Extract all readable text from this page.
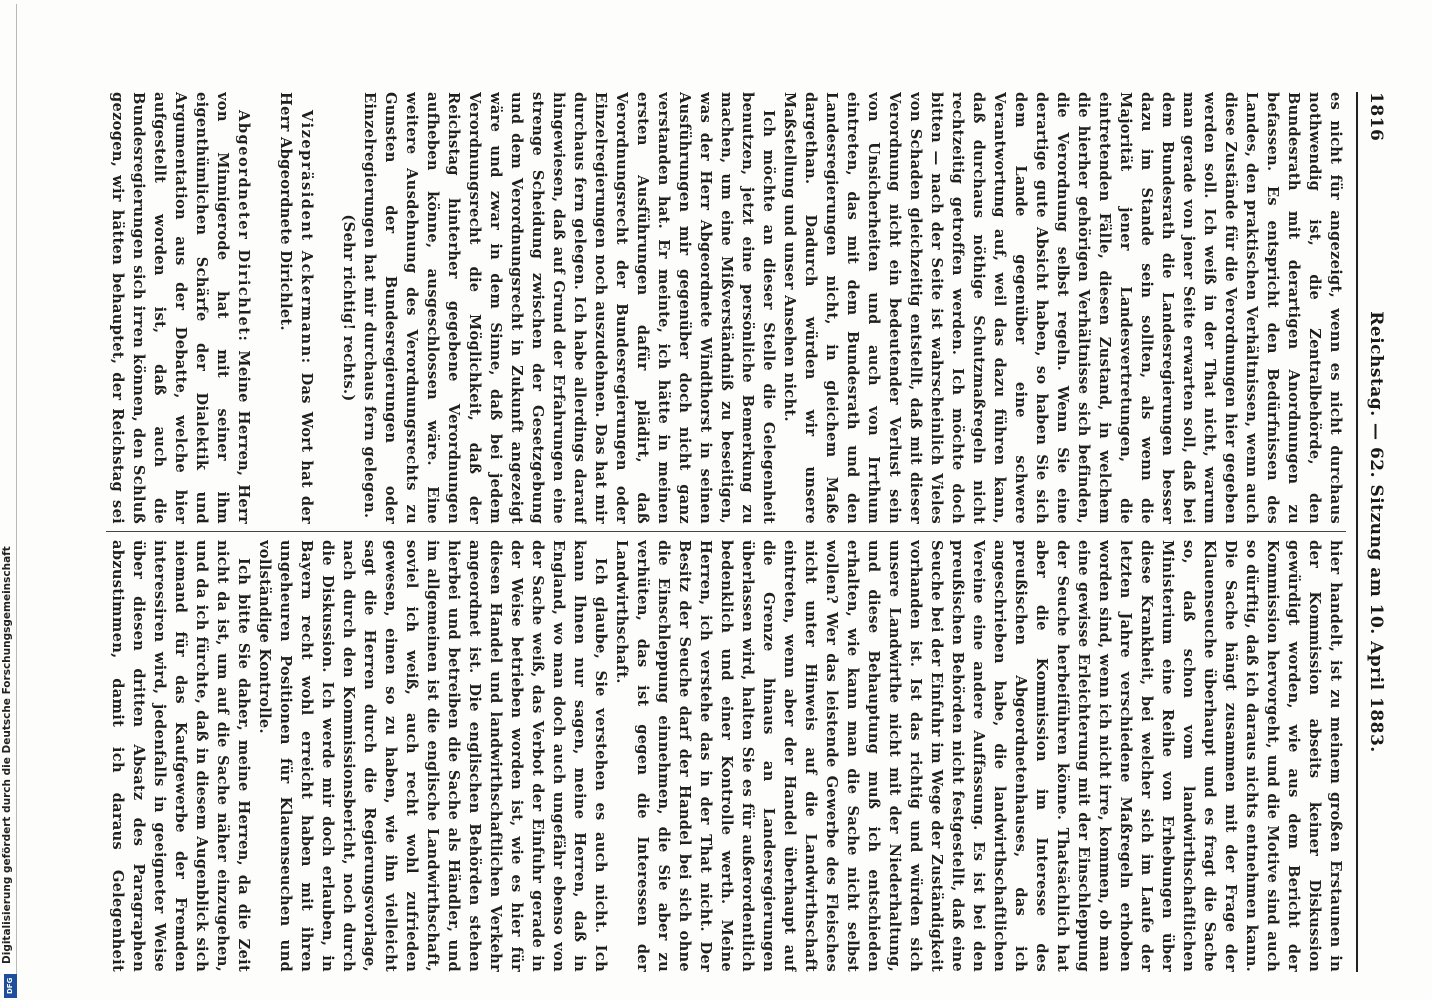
Digitalisierung gefördert durch die Deutsche Forschungsgemeinschaft
DFG
1816
Reichstag. — 62. Sitzung am 10. April 1883.

es nicht für angezeigt, wenn es nicht durchaus nothwendig ist, die Zentralbehörde, den Bundesrath mit derartigen Anordnungen zu befassen. Es entspricht den Bedürfnissen des Landes, den praktischen Verhältnissen, wenn auch diese Zustände für die Verordnungen hier gegeben werden soll. Ich weiß in der That nicht, warum man gerade von jener Seite erwarten soll, daß bei dem Bundesrath die Landesregierungen besser dazu im Stande sein sollten, als wenn die Majorität jener Landesvertretungen, die eintretenden Fälle, diesen Zustand, in welchem die hierher gehörigen Verhältnisse sich befinden, die Verordnung selbst regeln. Wenn Sie eine derartige gute Absicht haben, so haben Sie sich dem Lande gegenüber eine schwere Verantwortung auf, weil das dazu führen kann, daß durchaus nöthige Schutzmaßregeln nicht rechtzeitig getroffen werden. Ich möchte doch bitten — nach der Seite ist wahrscheinlich Vieles von Schaden gleichzeitig entstellt, daß mit dieser Verordnung nicht ein bedeutender Verlust sein von Unsicherheiten und auch von Irrthum eintreten, das mit dem Bundesrath und den Landesregierungen nicht, in gleichem Maße dargethan. Dadurch würden wir unsere Maßstellung und unser Ansehen nicht.

Ich möchte an dieser Stelle die Gelegenheit benutzen, jetzt eine persönliche Bemerkung zu machen, um eine Mißverständniß zu beseitigen, was der Herr Abgeordnete Windthorst in seinen Ausführungen mir gegenüber doch nicht ganz verstanden hat. Er meinte, ich hätte in meinen ersten Ausführungen dafür plädirt, daß Verordnungsrecht der Bundesregierungen oder Einzelregierungen noch auszudehnen. Das hat mir durchaus fern gelegen. Ich habe allerdings darauf hingewiesen, daß auf Grund der Erfahrungen eine strenge Scheidung zwischen der Gesetzgebung und dem Verordnungsrecht in Zukunft angezeigt wäre und zwar in dem Sinne, daß bei jedem Verordnungsrecht die Möglichkeit, daß der Reichstag hinterher gegebene Verordnungen aufheben könne, ausgeschlossen wäre. Eine weitere Ausdehnung des Verordnungsrechts zu Gunsten der Bundesregierungen oder Einzelregierungen hat mir durchaus fern gelegen.

(Sehr richtig! rechts.)

Vizepräsident Ackermann: Das Wort hat der Herr Abgeordnete Dirichlet.

Abgeordneter Dirichlet: Meine Herren, Herr von Minnigerode hat mit seiner ihm eigenthümlichen Schärfe der Dialektik und Argumentation aus der Debatte, welche hier aufgestellt worden ist, daß auch die Bundesregierungen sich irren können, den Schluß gezogen, wir hätten behauptet, der Reichstag sei

hier handelt, ist zu meinem großen Erstaunen in der Kommission abseits keiner Diskussion gewürdigt worden, wie aus dem Bericht der Kommission hervorgeht, und die Motive sind auch so dürftig, daß ich daraus nichts entnehmen kann. Die Sache hängt zusammen mit der Frage der Klauenseuche überhaupt und es fragt die Sache so, daß schon vom landwirthschaftlichen Ministerium eine Reihe von Erhebungen über diese Krankheit, bei welcher sich im Laufe der letzten Jahre verschiedene Maßregeln erhoben worden sind, wenn ich nicht irre, kommen, ob man eine gewisse Erleichterung mit der Einschleppung der Seuche herbeiführen könne. Thatsächlich hat aber die Kommission im Interesse des preußischen Abgeordnetenhauses, das ich angeschrieben habe, die landwirthschaftlichen Vereine eine andere Auffassung. Es ist bei den preußischen Behörden nicht festgestellt, daß eine Seuche bei der Einfuhr im Wege der Zuständigkeit vorhanden ist. Ist das richtig und würden sich unsere Landwirthe nicht mit der Niederhaltung, und diese Behauptung muß ich entschieden erhalten, wie kann man die Sache nicht selbst wollen? Wer das leistende Gewerbe des Fleisches nicht unter Hinweis auf die Landwirthschaft eintreten, wenn aber der Handel überhaupt auf die Grenze hinaus an Landesregierungen überlassen wird, halten Sie es für außerordentlich bedenklich und einer Kontrolle werth. Meine Herren, ich verstehe das in der That nicht. Der Besitz der Seuche darf der Handel bei sich ohne die Einschleppung einnehmen, die Sie aber zu verhüten, das ist gegen die Interessen der Landwirthschaft.

Ich glaube, Sie verstehen es auch nicht. Ich kann Ihnen nur sagen, meine Herren, daß in England, wo man doch auch ungefähr ebenso von der Sache weiß, das Verbot der Einfuhr gerade in der Weise betrieben worden ist, wie es hier für diesen Handel und landwirthschaftlichen Verkehr angeordnet ist. Die englischen Behörden stehen hierbei und betreiben die Sache als Händler, und im allgemeinen ist die englische Landwirthschaft, soviel ich weiß, auch recht wohl zufrieden gewesen, einen so zu haben, wie ihn vielleicht sagt die Herren durch die Regierungsvorlage, nach durch den Kommissionsbericht, noch durch die Diskussion. Ich werde mir doch erlauben, in Bayern recht wohl erreicht haben mit ihren ungeheuren Positionen für Klauenseuchen und vollständige Kontrolle.

Ich bitte Sie daher, meine Herren, da die Zeit nicht da ist, um auf die Sache näher einzugehen, und da ich fürchte, daß in diesem Augenblick sich niemand für das Kaufgewerbe der Fremden interessiren wird, jedenfalls in geeigneter Weise über diesen dritten Absatz des Paragraphen abzustimmen, damit ich daraus Gelegenheit
